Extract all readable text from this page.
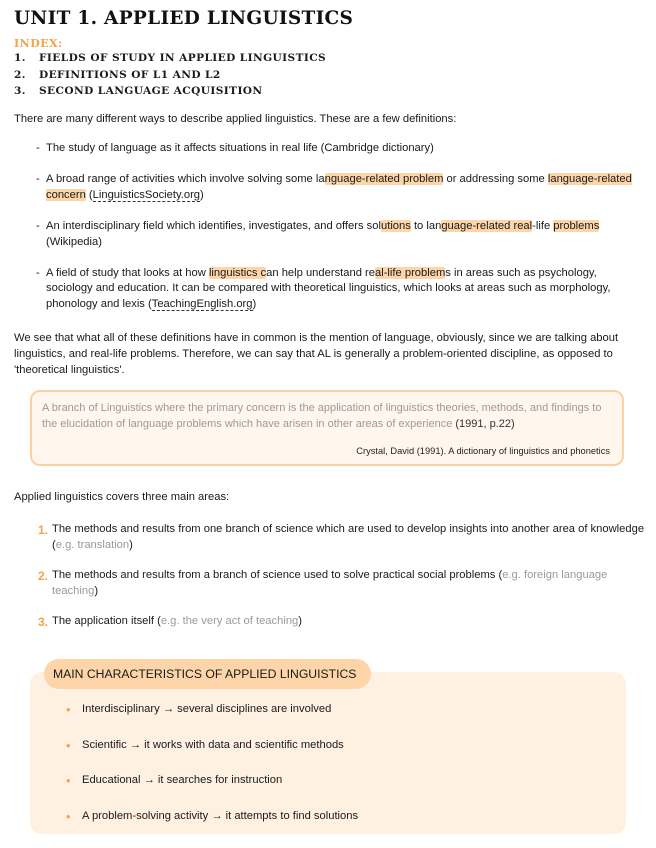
UNIT 1. APPLIED LINGUISTICS
INDEX:
1. FIELDS OF STUDY IN APPLIED LINGUISTICS
2. DEFINITIONS OF L1 AND L2
3. SECOND LANGUAGE ACQUISITION

There are many different ways to describe applied linguistics. These are a few definitions:

- The study of language as it affects situations in real life (Cambridge dictionary)
- A broad range of activities which involve solving some language-related problem or addressing some language-related concern (LinguisticsSociety.org)
- An interdisciplinary field which identifies, investigates, and offers solutions to language-related real-life problems (Wikipedia)
- A field of study that looks at how linguistics can help understand real-life problems in areas such as psychology, sociology and education. It can be compared with theoretical linguistics, which looks at areas such as morphology, phonology and lexis (TeachingEnglish.org)

We see that what all of these definitions have in common is the mention of language, obviously, since we are talking about linguistics, and real-life problems. Therefore, we can say that AL is generally a problem-oriented discipline, as opposed to 'theoretical linguistics'.

A branch of Linguistics where the primary concern is the application of linguistics theories, methods, and findings to the elucidation of language problems which have arisen in other areas of experience (1991, p.22)

Crystal, David (1991). A dictionary of linguistics and phonetics

Applied linguistics covers three main areas:

1. The methods and results from one branch of science which are used to develop insights into another area of knowledge (e.g. translation)
2. The methods and results from a branch of science used to solve practical social problems (e.g. foreign language teaching)
3. The application itself (e.g. the very act of teaching)
MAIN CHARACTERISTICS OF APPLIED LINGUISTICS
• Interdisciplinary → several disciplines are involved
• Scientific → it works with data and scientific methods
• Educational → it searches for instruction
• A problem-solving activity → it attempts to find solutions
